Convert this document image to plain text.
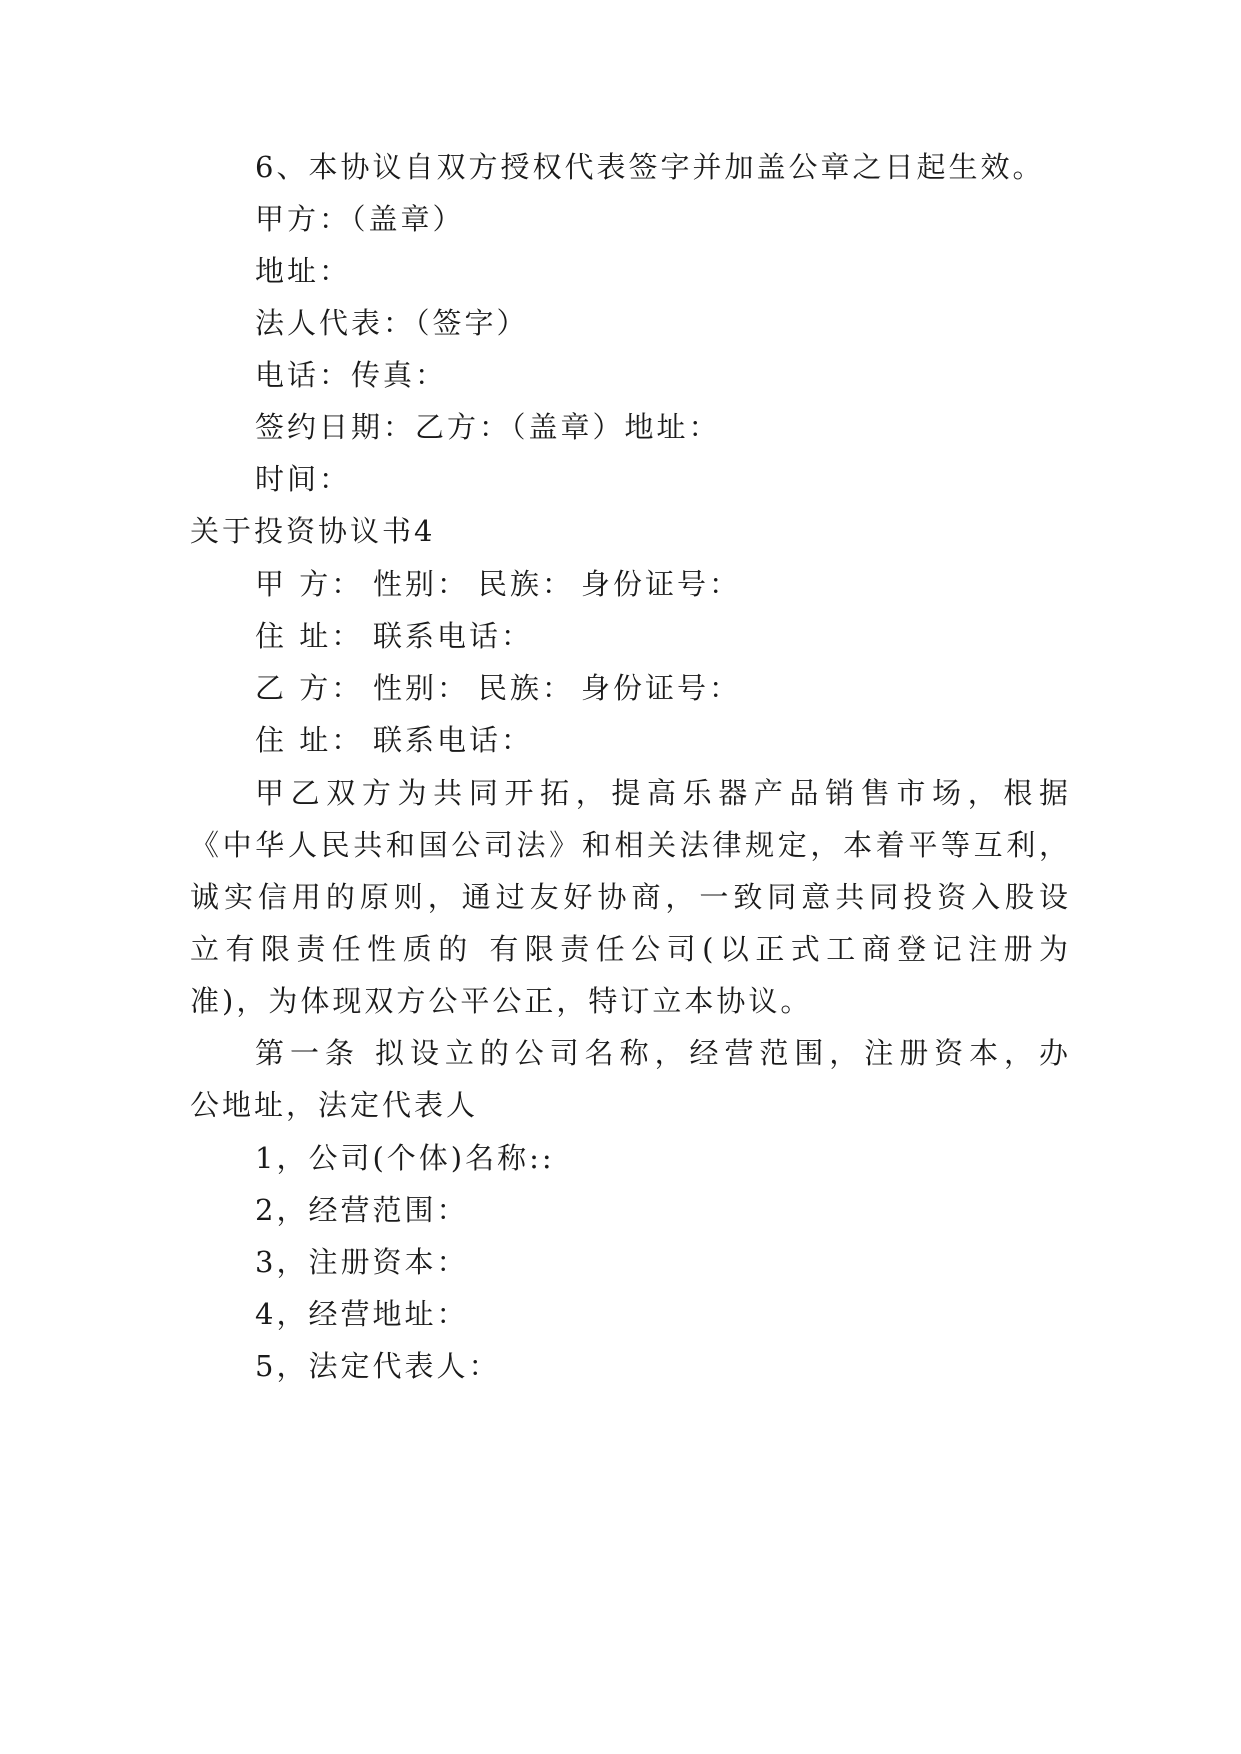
6、本协议自双方授权代表签字并加盖公章之日起生效。
甲方：（盖章）
地址：
法人代表：（签字）
电话：传真：
签约日期：乙方：（盖章）地址：
时间：
关于投资协议书4
甲 方： 性别： 民族： 身份证号：
住 址： 联系电话：
乙 方： 性别： 民族： 身份证号：
住 址： 联系电话：
甲乙双方为共同开拓，提高乐器产品销售市场，根据
《中华人民共和国公司法》和相关法律规定，本着平等互利，
诚实信用的原则，通过友好协商，一致同意共同投资入股设
立有限责任性质的 有限责任公司(以正式工商登记注册为
准)，为体现双方公平公正，特订立本协议。
第一条 拟设立的公司名称，经营范围，注册资本，办
公地址，法定代表人
1，公司(个体)名称::
2，经营范围：
3，注册资本：
4，经营地址：
5，法定代表人：
